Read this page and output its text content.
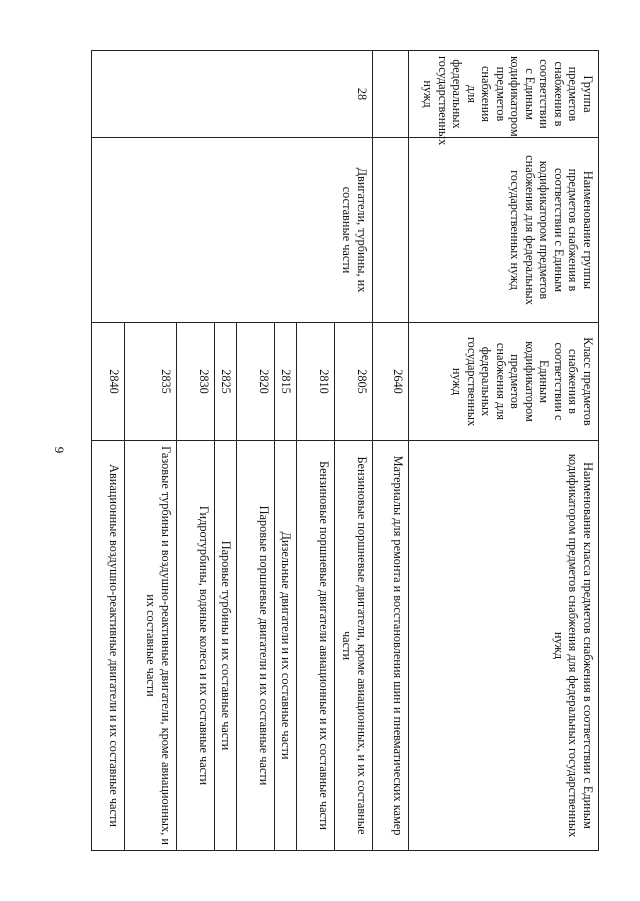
9
Группа предметов снабжения в соответствии с Единым кодификатором предметов снабжения для федеральных государственных нужд	Наименование группы предметов снабжения в соответствии с Единым кодификатором предметов снабжения для федеральных государственных нужд	Класс предметов снабжения в соответствии с Единым кодификатором предметов снабжения для федеральных государственных нужд	Наименование класса предметов снабжения в соответствии с Единым кодификатором предметов снабжения для федеральных государственных нужд
		2640	Материалы для ремонта и восстановления шин и пневматических камер
28	Двигатели, турбины, их составные части	2805	Бензиновые поршневые двигатели, кроме авиационных, и их составные части
		2810	Бензиновые поршневые двигатели авиационные и их составные части
		2815	Дизельные двигатели и их составные части
		2820	Паровые поршневые двигатели и их составные части
		2825	Паровые турбины и их составные части
		2830	Гидротурбины, водяные колеса и их составные части
		2835	Газовые турбины и воздушно-реактивные двигатели, кроме авиационных, и их составные части
		2840	Авиационные воздушно-реактивные двигатели и их составные части
